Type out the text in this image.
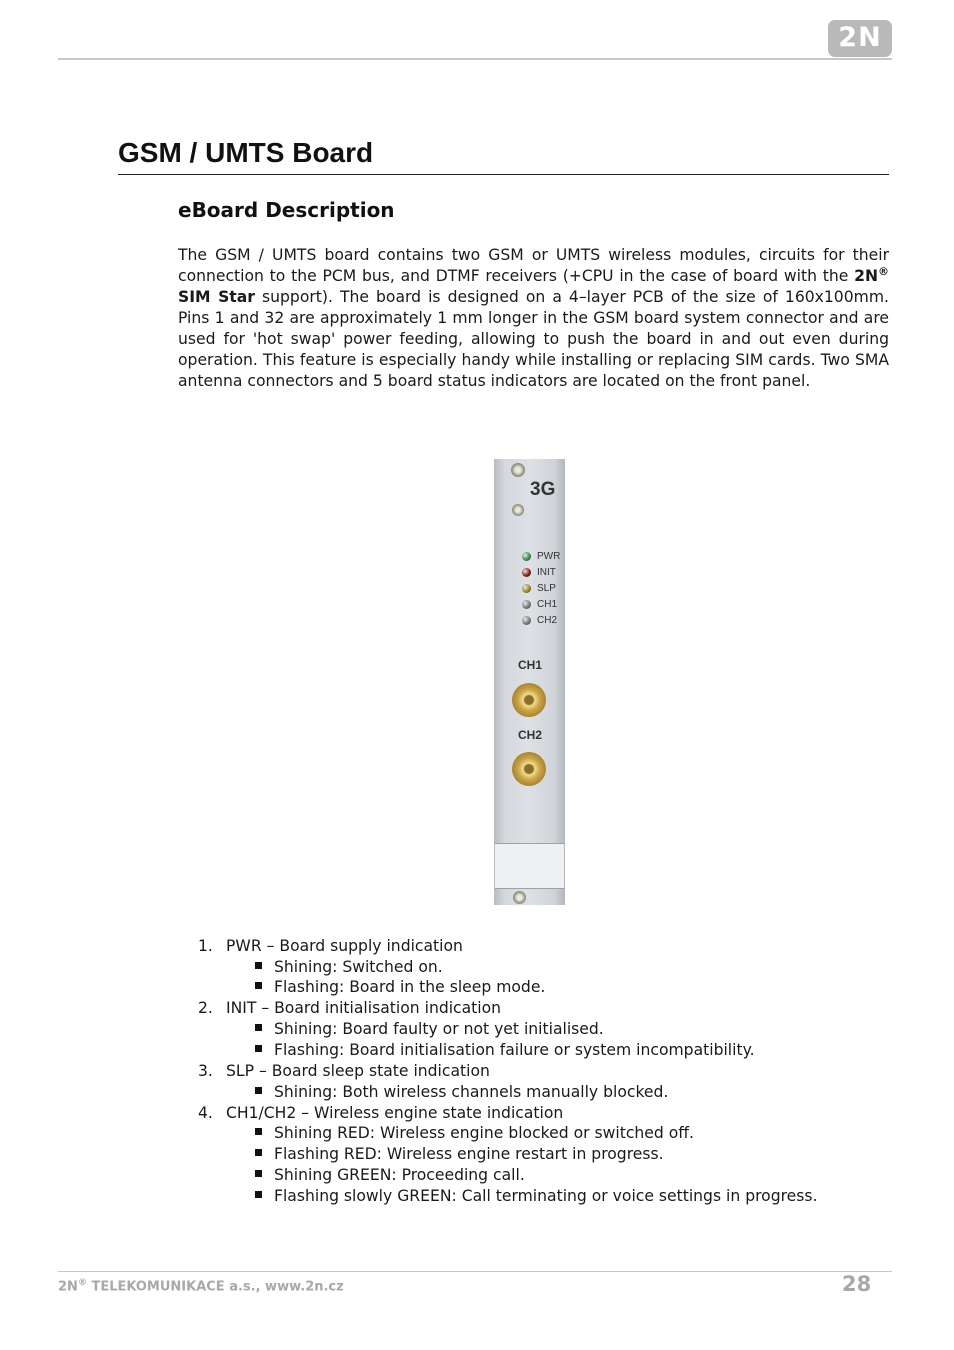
2N
GSM / UMTS Board
eBoard Description

The GSM / UMTS board contains two GSM or UMTS wireless modules, circuits for their connection to the PCM bus, and DTMF receivers (+CPU in the case of board with the 2N® SIM Star support). The board is designed on a 4–layer PCB of the size of 160x100mm. Pins 1 and 32 are approximately 1 mm longer in the GSM board system connector and are used for 'hot swap' power feeding, allowing to push the board in and out even during operation. This feature is especially handy while installing or replacing SIM cards. Two SMA antenna connectors and 5 board status indicators are located on the front panel.

3G
PWR
INIT
SLP
CH1
CH2
CH1
CH2
1. PWR – Board supply indication
Shining: Switched on.
Flashing: Board in the sleep mode.
2. INIT – Board initialisation indication
Shining: Board faulty or not yet initialised.
Flashing: Board initialisation failure or system incompatibility.
3. SLP – Board sleep state indication
Shining: Both wireless channels manually blocked.
4. CH1/CH2 – Wireless engine state indication
Shining RED: Wireless engine blocked or switched off.
Flashing RED: Wireless engine restart in progress.
Shining GREEN: Proceeding call.
Flashing slowly GREEN: Call terminating or voice settings in progress.
2N® TELEKOMUNIKACE a.s., www.2n.cz	28
